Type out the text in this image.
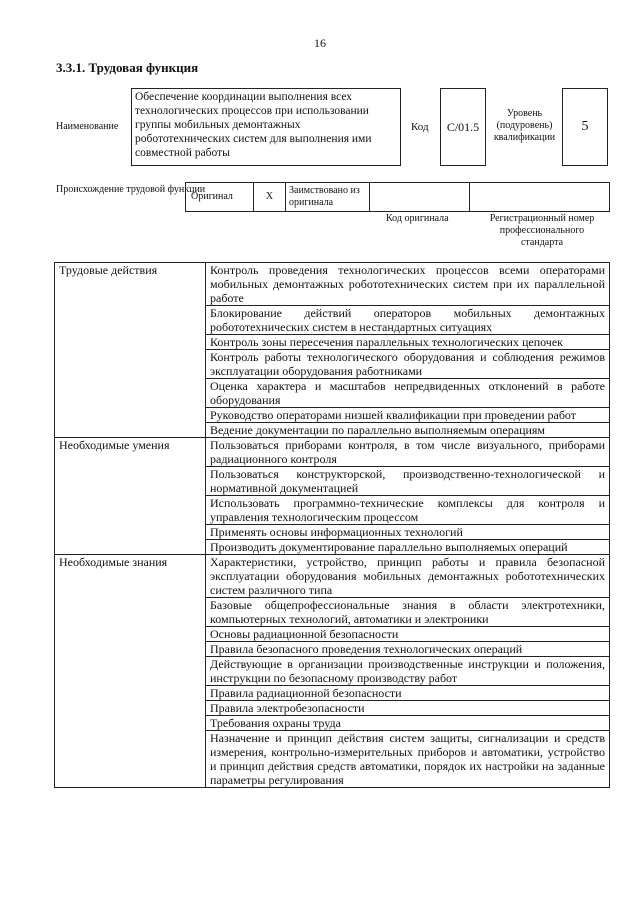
16
3.3.1. Трудовая функция
Наименование
Обеспечение координации выполнения всех технологических процессов при использовании группы мобильных демонтажных робототехнических систем для выполнения ими совместной работы
Код	C/01.5
Уровень (подуровень) квалификации
5
Происхождение трудовой функции
Оригинал	X
Заимствовано из оригинала
Код оригинала	Регистрационный номер профессионального стандарта
Трудовые действия	Контроль проведения технологических процессов всеми операторами мобильных демонтажных робототехнических систем при их параллельной работе
	Блокирование действий операторов мобильных демонтажных робототехнических систем в нестандартных ситуациях
	Контроль зоны пересечения параллельных технологических цепочек
	Контроль работы технологического оборудования и соблюдения режимов эксплуатации оборудования работниками
	Оценка характера и масштабов непредвиденных отклонений в работе оборудования
	Руководство операторами низшей квалификации при проведении работ
	Ведение документации по параллельно выполняемым операциям
Необходимые умения	Пользоваться приборами контроля, в том числе визуального, приборами радиационного контроля
	Пользоваться конструкторской, производственно-технологической и нормативной документацией
	Использовать программно-технические комплексы для контроля и управления технологическим процессом
	Применять основы информационных технологий
	Производить документирование параллельно выполняемых операций
Необходимые знания	Характеристики, устройство, принцип работы и правила безопасной эксплуатации оборудования мобильных демонтажных робототехнических систем различного типа
	Базовые общепрофессиональные знания в области электротехники, компьютерных технологий, автоматики и электроники
	Основы радиационной безопасности
	Правила безопасного проведения технологических операций
	Действующие в организации производственные инструкции и положения, инструкции по безопасному производству работ
	Правила радиационной безопасности
	Правила электробезопасности
	Требования охраны труда
	Назначение и принцип действия систем защиты, сигнализации и средств измерения, контрольно-измерительных приборов и автоматики, устройство и принцип действия средств автоматики, порядок их настройки на заданные параметры регулирования
